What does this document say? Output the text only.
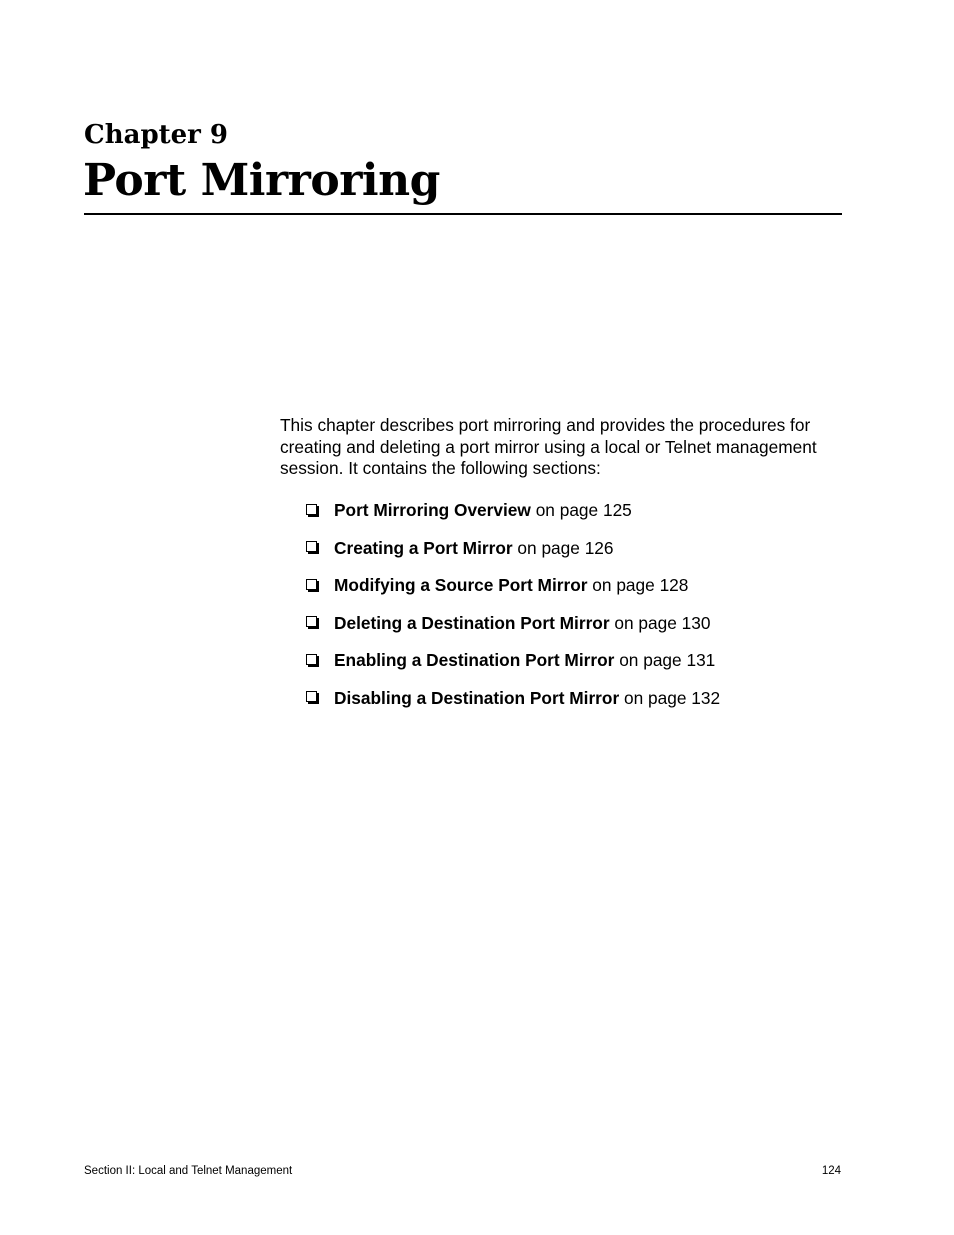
Chapter 9
Port Mirroring

This chapter describes port mirroring and provides the procedures for creating and deleting a port mirror using a local or Telnet management session. It contains the following sections:

Port Mirroring Overview on page 125
Creating a Port Mirror on page 126
Modifying a Source Port Mirror on page 128
Deleting a Destination Port Mirror on page 130
Enabling a Destination Port Mirror on page 131
Disabling a Destination Port Mirror on page 132
Section II: Local and Telnet Management	124
